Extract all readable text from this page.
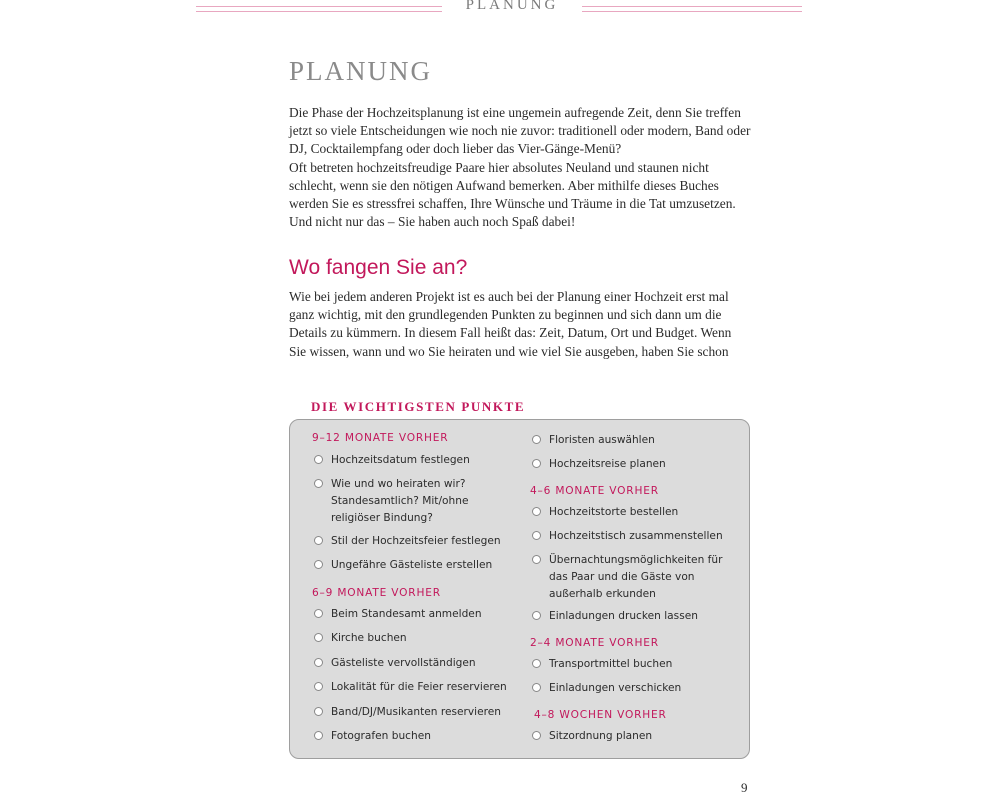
PLANUNG
PLANUNG

Die Phase der Hochzeitsplanung ist eine ungemein aufregende Zeit, denn Sie treffen jetzt so viele Entscheidungen wie noch nie zuvor: traditionell oder modern, Band oder DJ, Cocktailempfang oder doch lieber das Vier-Gänge-Menü?

Oft betreten hochzeitsfreudige Paare hier absolutes Neuland und staunen nicht schlecht, wenn sie den nötigen Aufwand bemerken. Aber mithilfe dieses Buches werden Sie es stressfrei schaffen, Ihre Wünsche und Träume in die Tat umzusetzen. Und nicht nur das – Sie haben auch noch Spaß dabei!

Wo fangen Sie an?

Wie bei jedem anderen Projekt ist es auch bei der Planung einer Hochzeit erst mal ganz wichtig, mit den grundlegenden Punkten zu beginnen und sich dann um die Details zu kümmern. In diesem Fall heißt das: Zeit, Datum, Ort und Budget. Wenn Sie wissen, wann und wo Sie heiraten und wie viel Sie ausgeben, haben Sie schon

DIE WICHTIGSTEN PUNKTE
9–12 MONATE VORHER
Hochzeitsdatum festlegen
Wie und wo heiraten wir? Standesamtlich? Mit/ohne religiöser Bindung?
Stil der Hochzeitsfeier festlegen
Ungefähre Gästeliste erstellen
6–9 MONATE VORHER
Beim Standesamt anmelden
Kirche buchen
Gästeliste vervollständigen
Lokalität für die Feier reservieren
Band/DJ/Musikanten reservieren
Fotografen buchen
Floristen auswählen
Hochzeitsreise planen
4–6 MONATE VORHER
Hochzeitstorte bestellen
Hochzeitstisch zusammenstellen
Übernachtungsmöglichkeiten für das Paar und die Gäste von außerhalb erkunden
Einladungen drucken lassen
2–4 MONATE VORHER
Transportmittel buchen
Einladungen verschicken
4–8 WOCHEN VORHER
Sitzordnung planen
9
